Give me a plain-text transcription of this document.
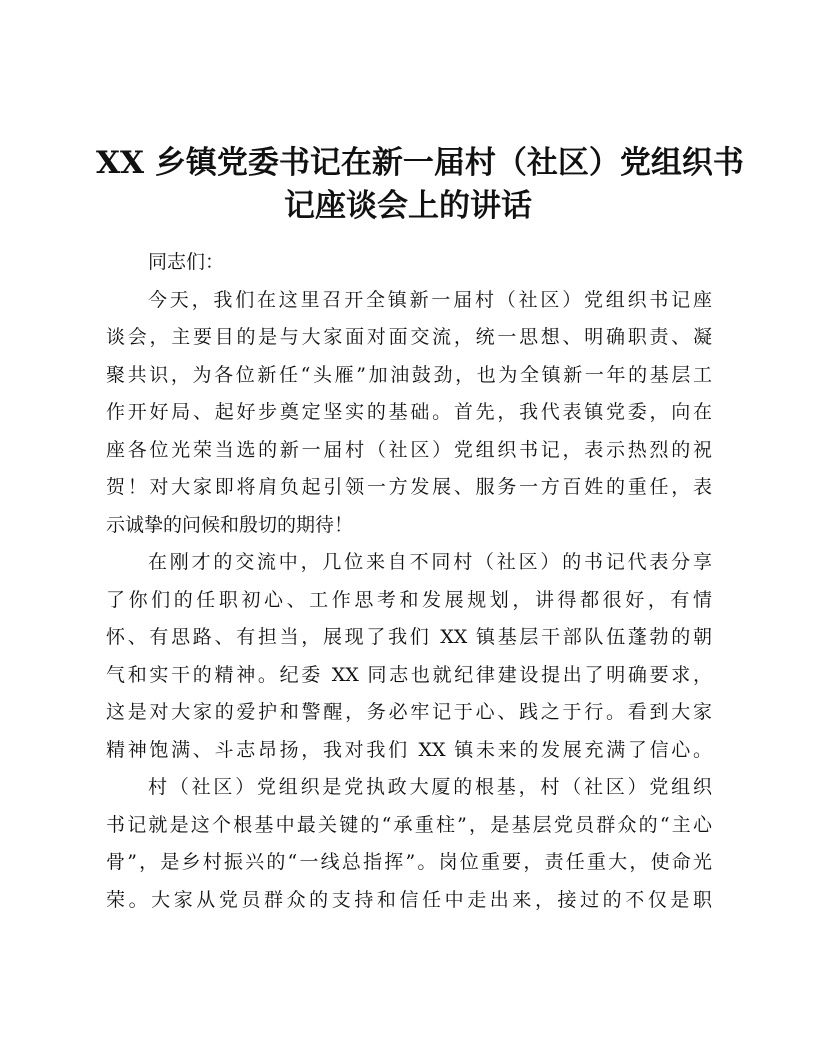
XX 乡镇党委书记在新一届村（社区）党组织书
记座谈会上的讲话
同志们：
今天，我们在这里召开全镇新一届村（社区）党组织书记座
谈会，主要目的是与大家面对面交流，统一思想、明确职责、凝
聚共识，为各位新任“头雁”加油鼓劲，也为全镇新一年的基层工
作开好局、起好步奠定坚实的基础。首先，我代表镇党委，向在
座各位光荣当选的新一届村（社区）党组织书记，表示热烈的祝
贺！对大家即将肩负起引领一方发展、服务一方百姓的重任，表
示诚挚的问候和殷切的期待！
在刚才的交流中，几位来自不同村（社区）的书记代表分享
了你们的任职初心、工作思考和发展规划，讲得都很好，有情
怀、有思路、有担当，展现了我们 XX 镇基层干部队伍蓬勃的朝
气和实干的精神。纪委 XX 同志也就纪律建设提出了明确要求，
这是对大家的爱护和警醒，务必牢记于心、践之于行。看到大家
精神饱满、斗志昂扬，我对我们 XX 镇未来的发展充满了信心。
村（社区）党组织是党执政大厦的根基，村（社区）党组织
书记就是这个根基中最关键的“承重柱”，是基层党员群众的“主心
骨”，是乡村振兴的“一线总指挥”。岗位重要，责任重大，使命光
荣。大家从党员群众的支持和信任中走出来，接过的不仅是职
